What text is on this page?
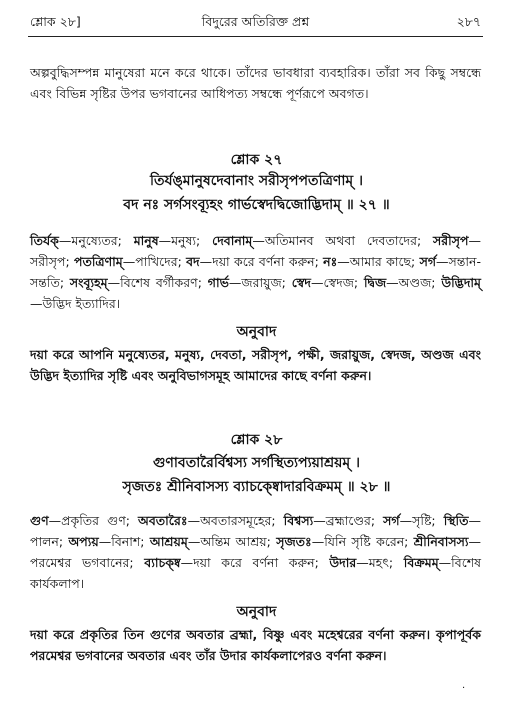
শ্লোক ২৮]	বিদুরের অতিরিক্ত প্রশ্ন	২৮৭
অল্পবুদ্ধিসম্পন্ন মানুষেরা মনে করে থাকে। তাঁদের ভাবধারা ব্যবহারিক। তাঁরা সব কিছু সম্বন্ধে এবং বিভিন্ন সৃষ্টির উপর ভগবানের আধিপত্য সম্বন্ধে পূর্ণরূপে অবগত।
শ্লোক ২৭
তির্যঙ্‌মানুষদেবানাং সরীসৃপপতত্রিণাম্ ।
বদ নঃ সর্গসংব্যূহং গার্ভস্বেদদ্বিজোদ্ভিদাম্ ॥ ২৭ ॥
তির্যক্—মনুষ্যেতর; মানুষ—মনুষ্য; দেবানাম্—অতিমানব অথবা দেবতাদের; সরীসৃপ—সরীসৃপ; পতত্রিণাম্—পাখিদের; বদ—দয়া করে বর্ণনা করুন; নঃ—আমার কাছে; সর্গ—সন্তান-সন্ততি; সংব্যূহম্—বিশেষ বর্গীকরণ; গার্ভ—জরায়ুজ; স্বেদ—স্বেদজ; দ্বিজ—অণ্ডজ; উদ্ভিদাম্—উদ্ভিদ ইত্যাদির।
অনুবাদ
দয়া করে আপনি মনুষ্যেতর, মনুষ্য, দেবতা, সরীসৃপ, পক্ষী, জরায়ুজ, স্বেদজ, অণ্ডজ এবং উদ্ভিদ ইত্যাদির সৃষ্টি এবং অনুবিভাগসমূহ আমাদের কাছে বর্ণনা করুন।
শ্লোক ২৮
গুণাবতারৈর্বিশ্বস্য সর্গস্থিত্যপ্যয়াশ্রয়ম্ ।
সৃজতঃ শ্রীনিবাসস্য ব্যাচক্ষ্বোদারবিক্রমম্ ॥ ২৮ ॥
গুণ—প্রকৃতির গুণ; অবতারৈঃ—অবতারসমূহের; বিশ্বস্য—ব্রহ্মাণ্ডের; সর্গ—সৃষ্টি; স্থিতি—পালন; অপ্যয়—বিনাশ; আশ্রয়ম্—অন্তিম আশ্রয়; সৃজতঃ—যিনি সৃষ্টি করেন; শ্রীনিবাসস্য—পরমেশ্বর ভগবানের; ব্যাচক্ষ্ব—দয়া করে বর্ণনা করুন; উদার—মহৎ; বিক্রমম্—বিশেষ কার্যকলাপ।
অনুবাদ
দয়া করে প্রকৃতির তিন গুণের অবতার ব্রহ্মা, বিষ্ণু এবং মহেশ্বরের বর্ণনা করুন। কৃপাপূর্বক পরমেশ্বর ভগবানের অবতার এবং তাঁর উদার কার্যকলাপেরও বর্ণনা করুন।
.
